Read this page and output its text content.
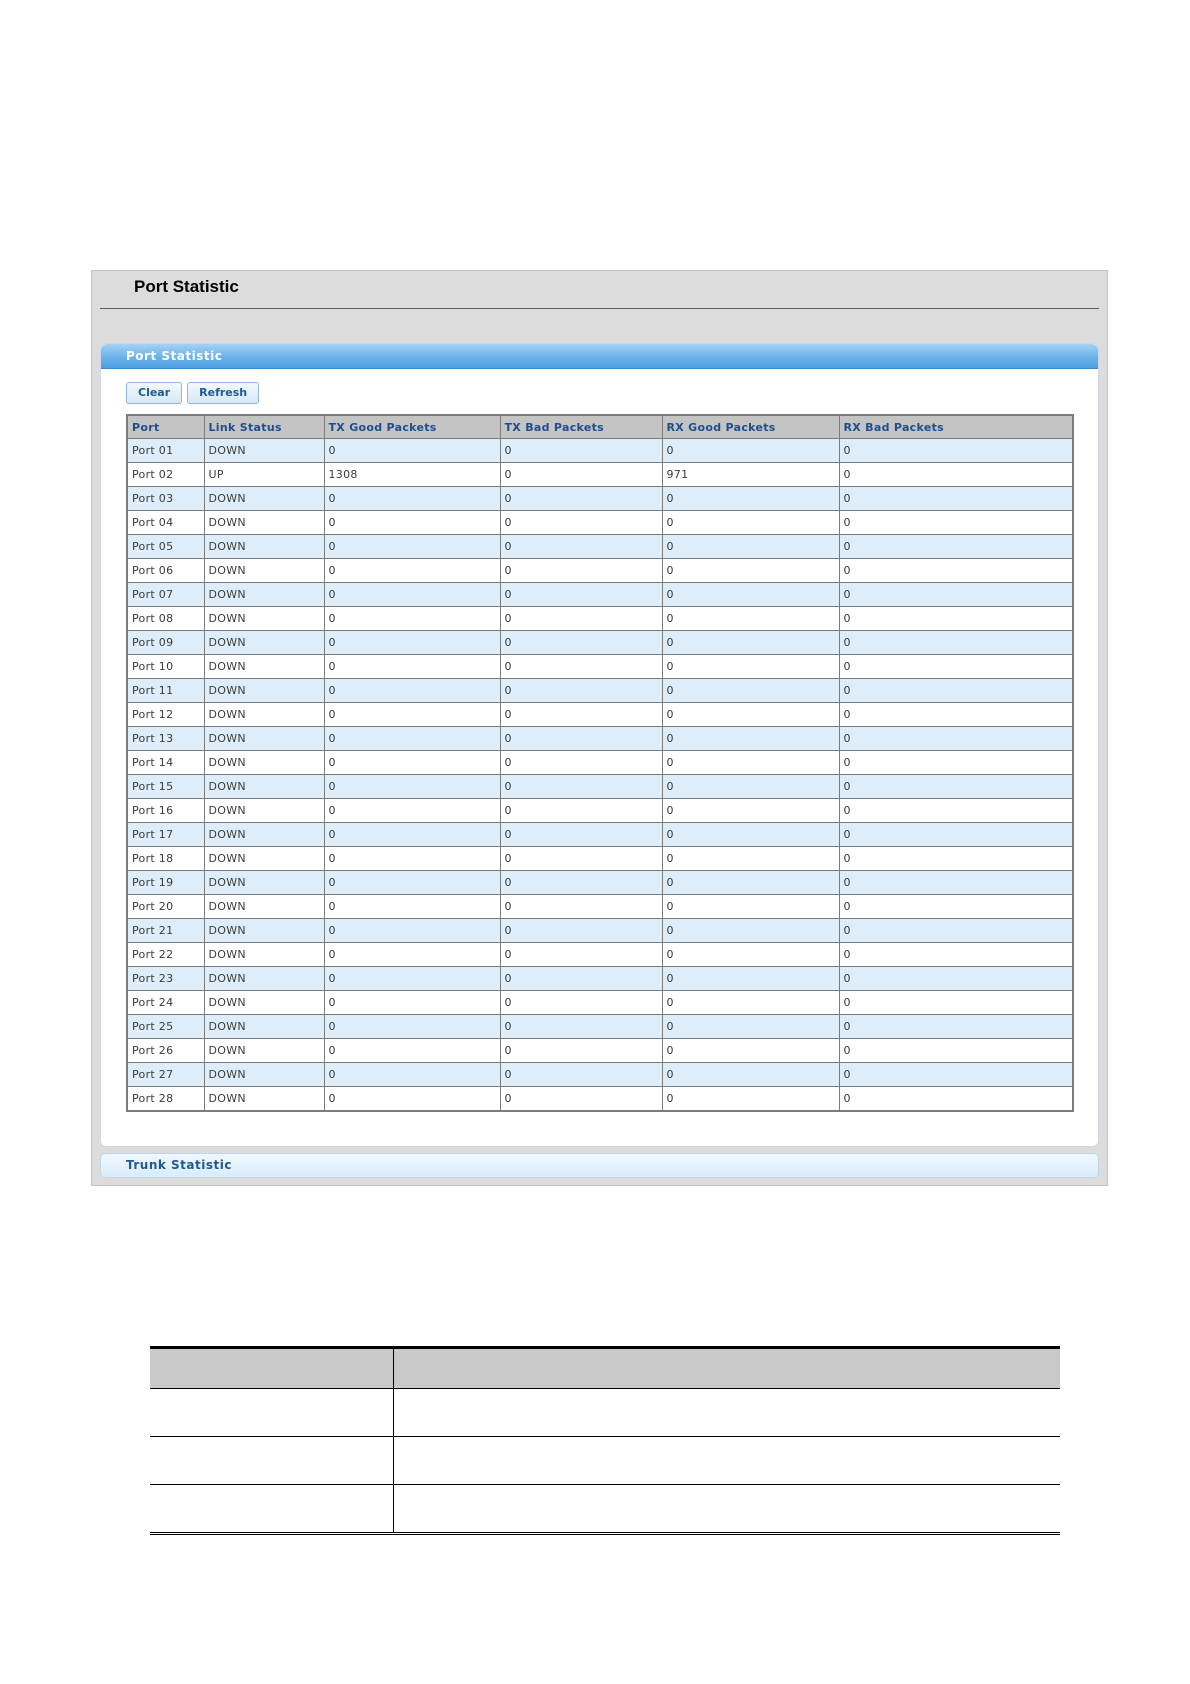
Port Statistic
Port Statistic
Clear	Refresh
Port	Link Status	TX Good Packets	TX Bad Packets	RX Good Packets	RX Bad Packets
Port 01	DOWN	0	0	0	0
Port 02	UP	1308	0	971	0
Port 03	DOWN	0	0	0	0
Port 04	DOWN	0	0	0	0
Port 05	DOWN	0	0	0	0
Port 06	DOWN	0	0	0	0
Port 07	DOWN	0	0	0	0
Port 08	DOWN	0	0	0	0
Port 09	DOWN	0	0	0	0
Port 10	DOWN	0	0	0	0
Port 11	DOWN	0	0	0	0
Port 12	DOWN	0	0	0	0
Port 13	DOWN	0	0	0	0
Port 14	DOWN	0	0	0	0
Port 15	DOWN	0	0	0	0
Port 16	DOWN	0	0	0	0
Port 17	DOWN	0	0	0	0
Port 18	DOWN	0	0	0	0
Port 19	DOWN	0	0	0	0
Port 20	DOWN	0	0	0	0
Port 21	DOWN	0	0	0	0
Port 22	DOWN	0	0	0	0
Port 23	DOWN	0	0	0	0
Port 24	DOWN	0	0	0	0
Port 25	DOWN	0	0	0	0
Port 26	DOWN	0	0	0	0
Port 27	DOWN	0	0	0	0
Port 28	DOWN	0	0	0	0
Trunk Statistic
